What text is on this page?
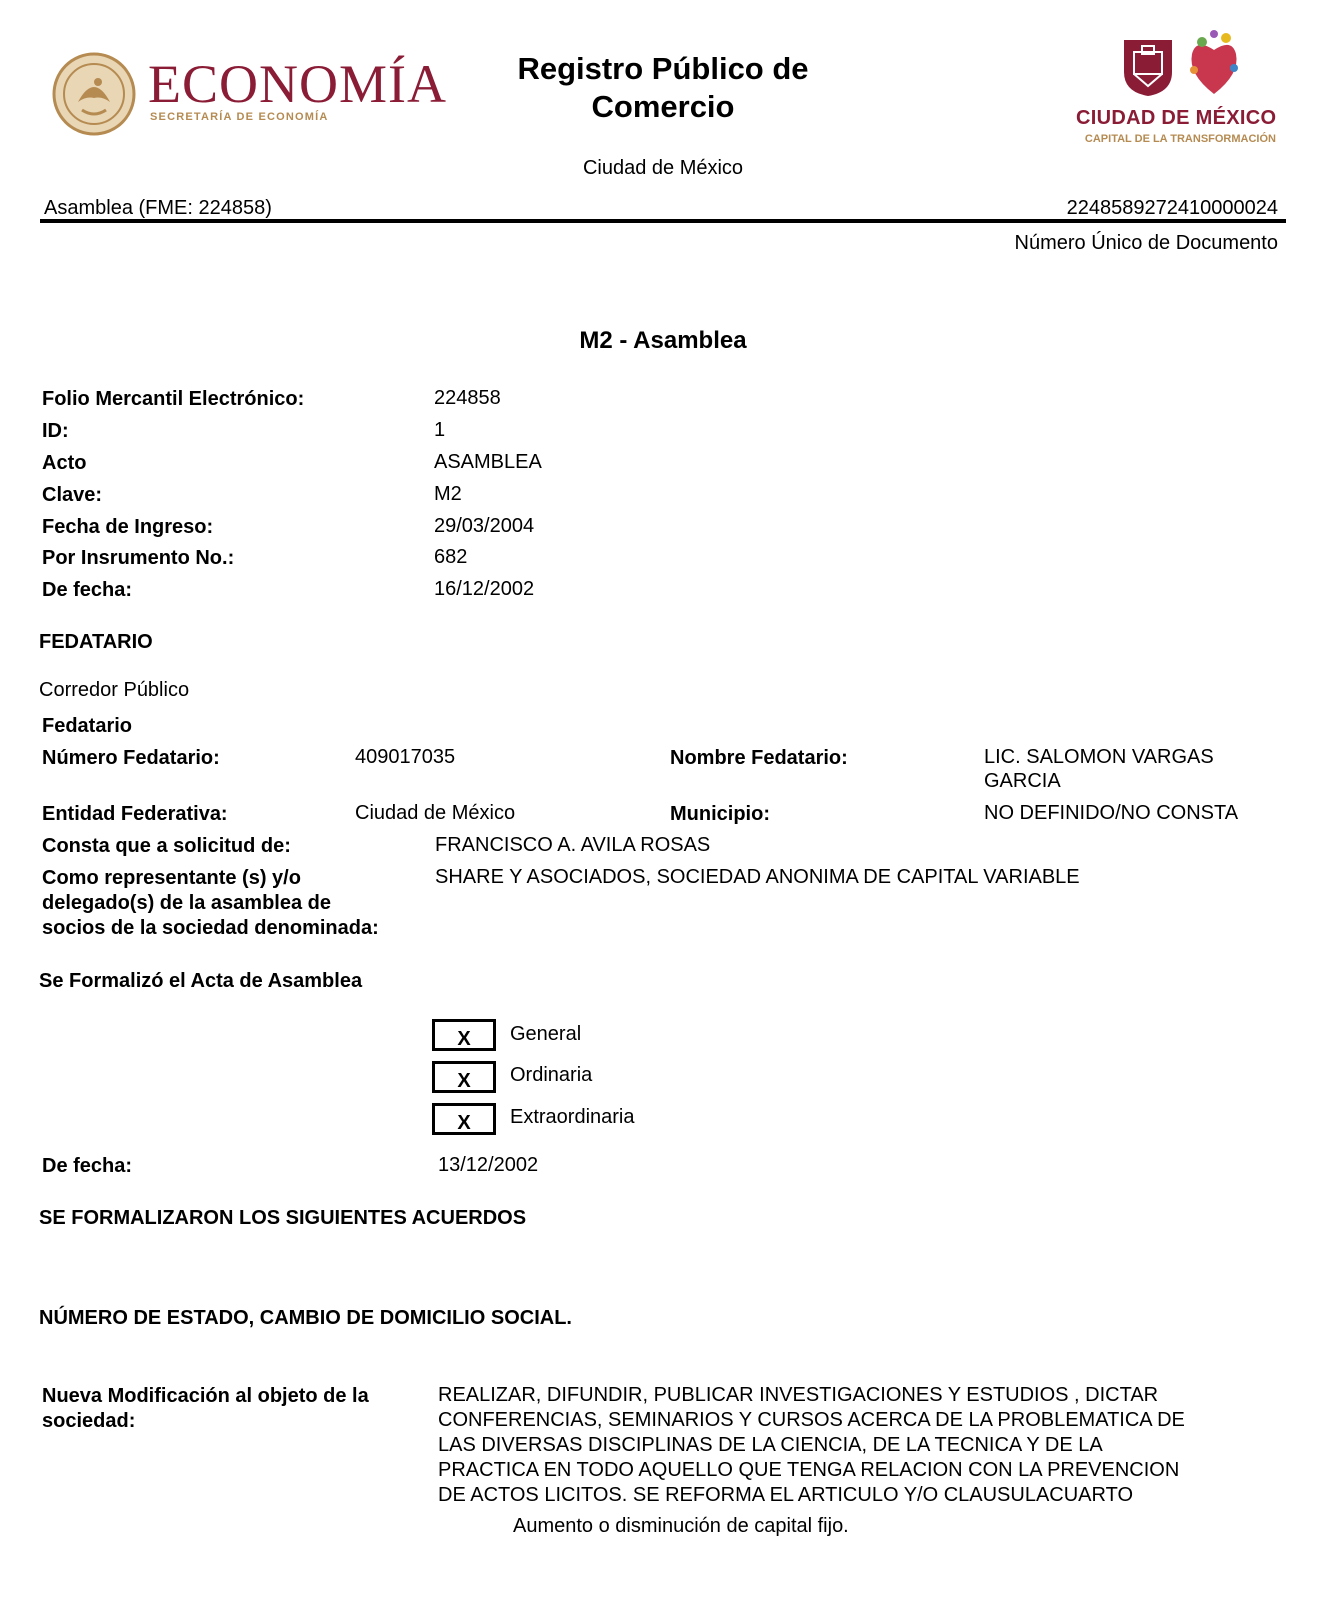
ECONOMÍA
SECRETARÍA DE ECONOMÍA
Registro Público de
Comercio
Ciudad de México
CIUDAD DE MÉXICO
CAPITAL DE LA TRANSFORMACIÓN
Asamblea (FME: 224858)	2248589272410000024
Número Único de Documento
M2 - Asamblea
Folio Mercantil Electrónico:	224858
ID:	1
Acto	ASAMBLEA
Clave:	M2
Fecha de Ingreso:	29/03/2004
Por Insrumento No.:	682
De fecha:	16/12/2002
FEDATARIO
Corredor Público
Fedatario
Número Fedatario:	409017035	Nombre Fedatario:	LIC. SALOMON VARGAS
GARCIA
Entidad Federativa:	Ciudad de México	Municipio:	NO DEFINIDO/NO CONSTA
Consta que a solicitud de:	FRANCISCO A. AVILA ROSAS
Como representante (s) y/o
delegado(s) de la asamblea de
socios de la sociedad denominada:
SHARE Y ASOCIADOS, SOCIEDAD ANONIMA DE CAPITAL VARIABLE
Se Formalizó el Acta de Asamblea
X	General
X	Ordinaria
X	Extraordinaria
De fecha:	13/12/2002
SE FORMALIZARON LOS SIGUIENTES ACUERDOS
NÚMERO DE ESTADO, CAMBIO DE DOMICILIO SOCIAL.
Nueva Modificación al objeto de la
sociedad:
REALIZAR, DIFUNDIR, PUBLICAR INVESTIGACIONES Y ESTUDIOS , DICTAR
CONFERENCIAS, SEMINARIOS Y CURSOS ACERCA DE LA PROBLEMATICA DE
LAS DIVERSAS DISCIPLINAS DE LA CIENCIA, DE LA TECNICA Y DE LA
PRACTICA EN TODO AQUELLO QUE TENGA RELACION CON LA PREVENCION
DE ACTOS LICITOS. SE REFORMA EL ARTICULO Y/O CLAUSULACUARTO
Aumento o disminución de capital fijo.
